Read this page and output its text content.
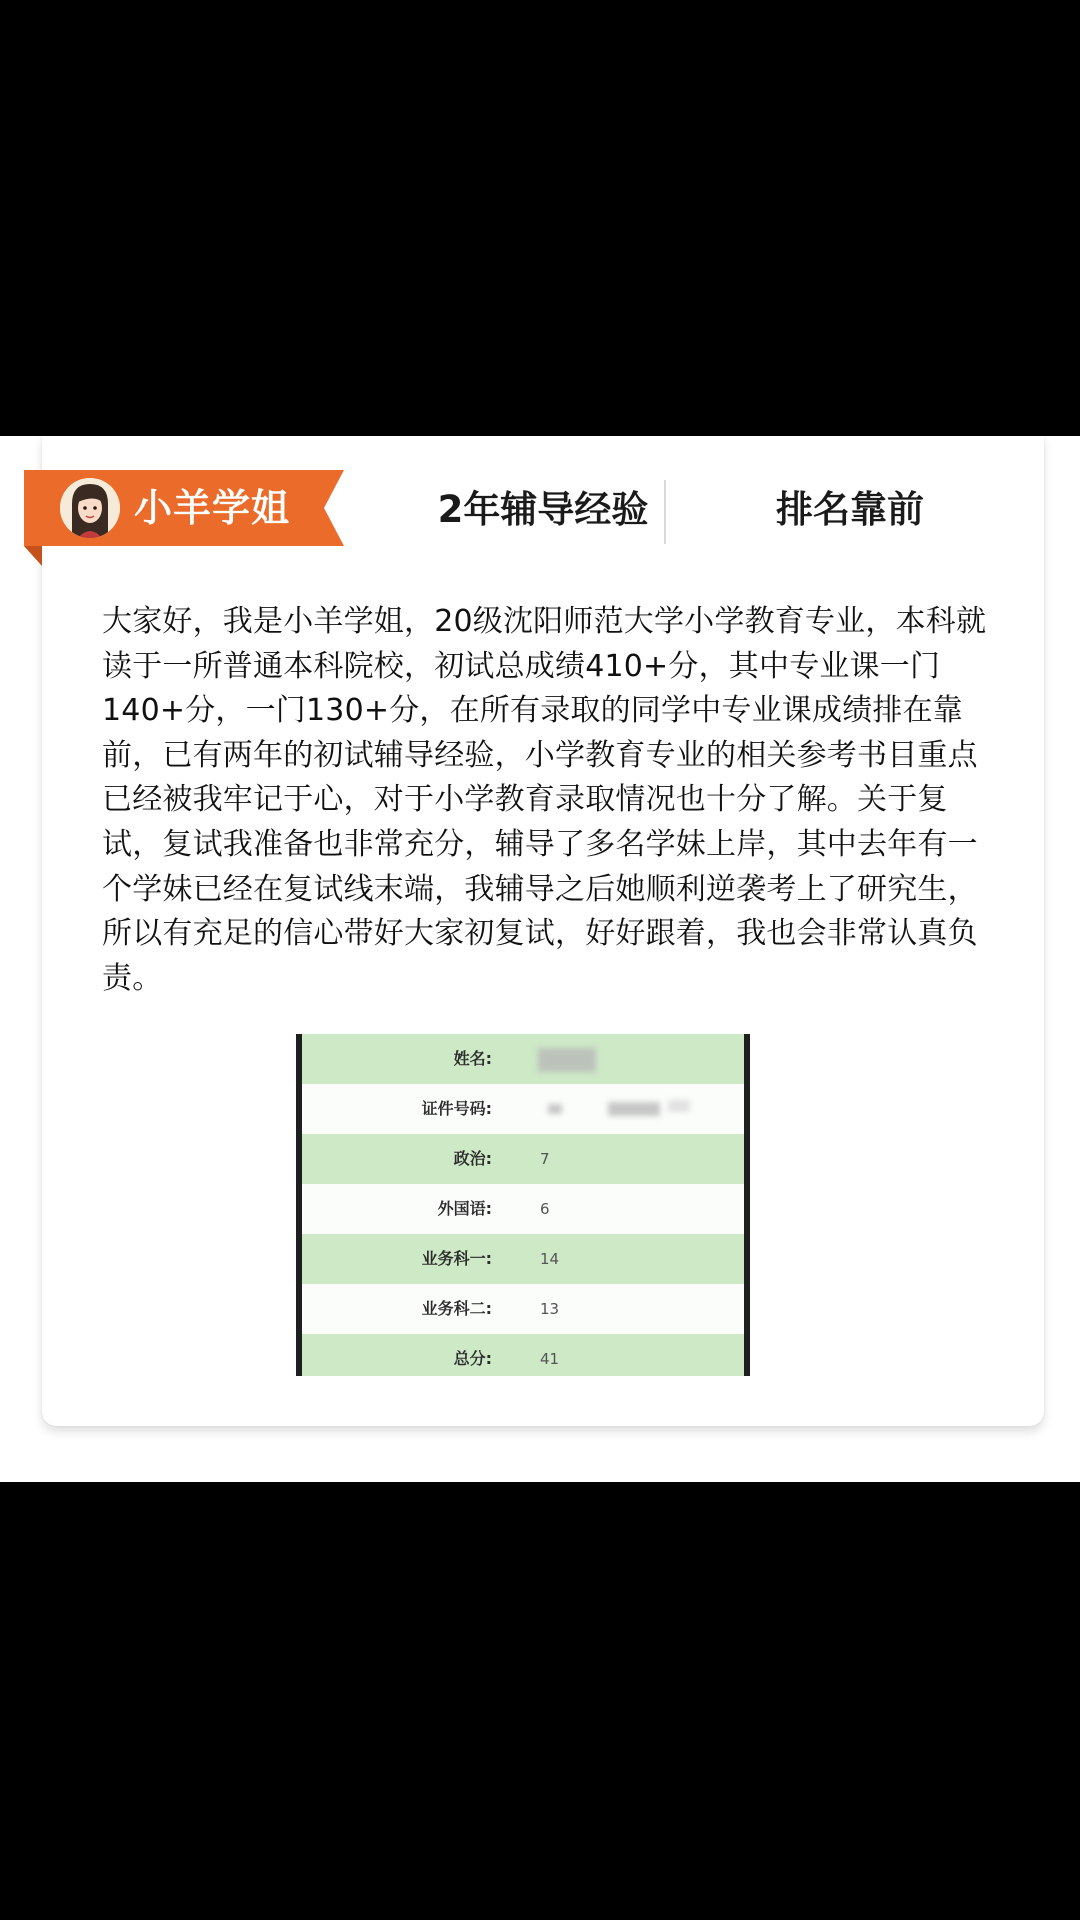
小羊学姐	2年辅导经验	排名靠前

大家好，我是小羊学姐，20级沈阳师范大学小学教育专业，本科就读于一所普通本科院校，初试总成绩410+分，其中专业课一门140+分，一门130+分，在所有录取的同学中专业课成绩排在靠前，已有两年的初试辅导经验，小学教育专业的相关参考书目重点已经被我牢记于心，对于小学教育录取情况也十分了解。关于复试，复试我准备也非常充分，辅导了多名学妹上岸，其中去年有一个学妹已经在复试线末端，我辅导之后她顺利逆袭考上了研究生，所以有充足的信心带好大家初复试，好好跟着，我也会非常认真负责。

姓名:
证件号码:
政治:	7
外国语:	6
业务科一:	14
业务科二:	13
总分:	41
